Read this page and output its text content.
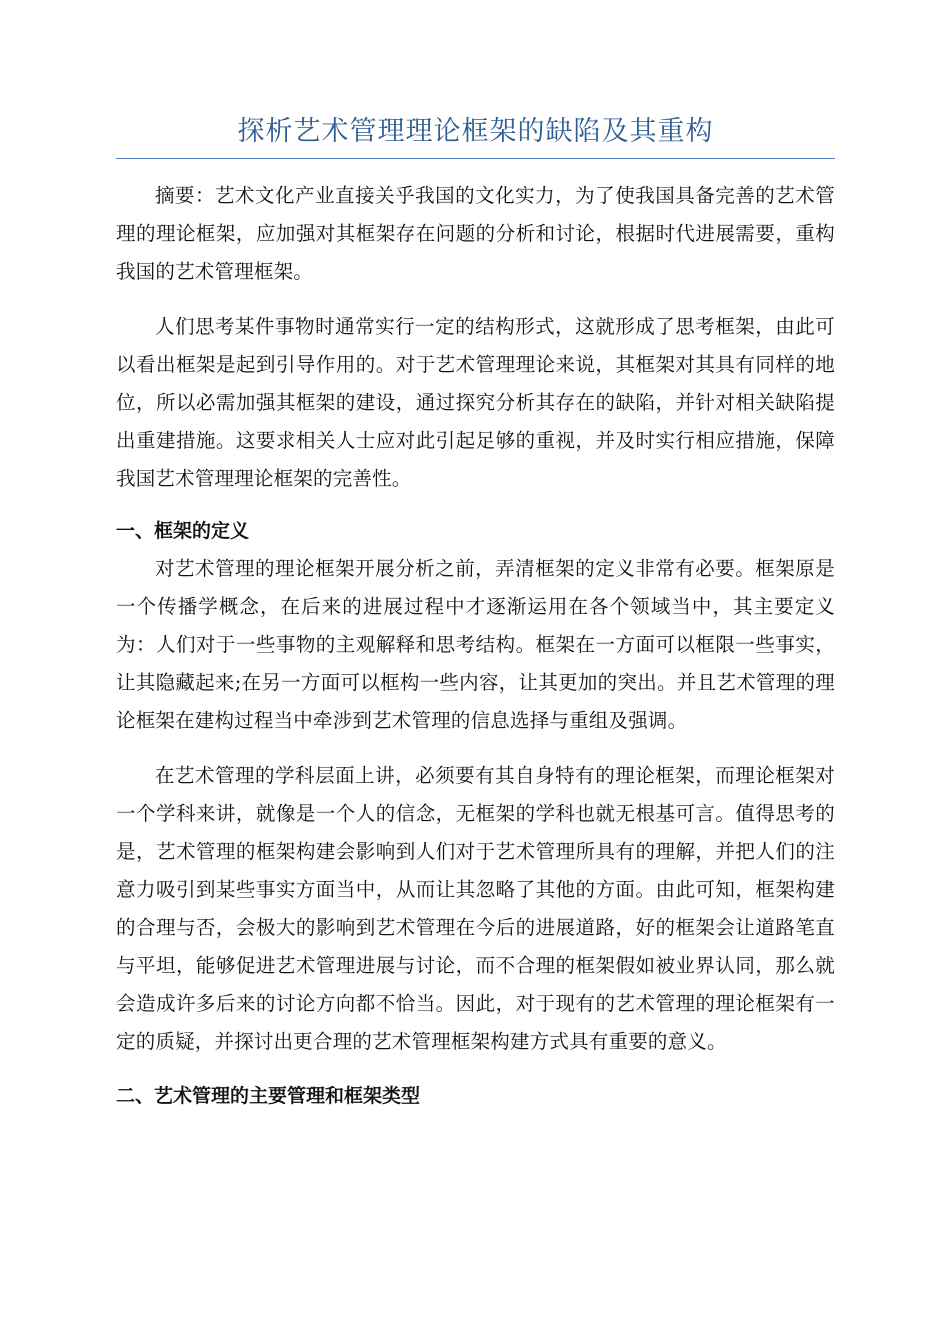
探析艺术管理理论框架的缺陷及其重构

摘要：艺术文化产业直接关乎我国的文化实力，为了使我国具备完善的艺术管理的理论框架，应加强对其框架存在问题的分析和讨论，根据时代进展需要，重构我国的艺术管理框架。

人们思考某件事物时通常实行一定的结构形式，这就形成了思考框架，由此可以看出框架是起到引导作用的。对于艺术管理理论来说，其框架对其具有同样的地位，所以必需加强其框架的建设，通过探究分析其存在的缺陷，并针对相关缺陷提出重建措施。这要求相关人士应对此引起足够的重视，并及时实行相应措施，保障我国艺术管理理论框架的完善性。

一、框架的定义

对艺术管理的理论框架开展分析之前，弄清框架的定义非常有必要。框架原是一个传播学概念，在后来的进展过程中才逐渐运用在各个领域当中，其主要定义为：人们对于一些事物的主观解释和思考结构。框架在一方面可以框限一些事实，让其隐藏起来;在另一方面可以框构一些内容，让其更加的突出。并且艺术管理的理论框架在建构过程当中牵涉到艺术管理的信息选择与重组及强调。

在艺术管理的学科层面上讲，必须要有其自身特有的理论框架，而理论框架对一个学科来讲，就像是一个人的信念，无框架的学科也就无根基可言。值得思考的是，艺术管理的框架构建会影响到人们对于艺术管理所具有的理解，并把人们的注意力吸引到某些事实方面当中，从而让其忽略了其他的方面。由此可知，框架构建的合理与否，会极大的影响到艺术管理在今后的进展道路，好的框架会让道路笔直与平坦，能够促进艺术管理进展与讨论，而不合理的框架假如被业界认同，那么就会造成许多后来的讨论方向都不恰当。因此，对于现有的艺术管理的理论框架有一定的质疑，并探讨出更合理的艺术管理框架构建方式具有重要的意义。

二、艺术管理的主要管理和框架类型
